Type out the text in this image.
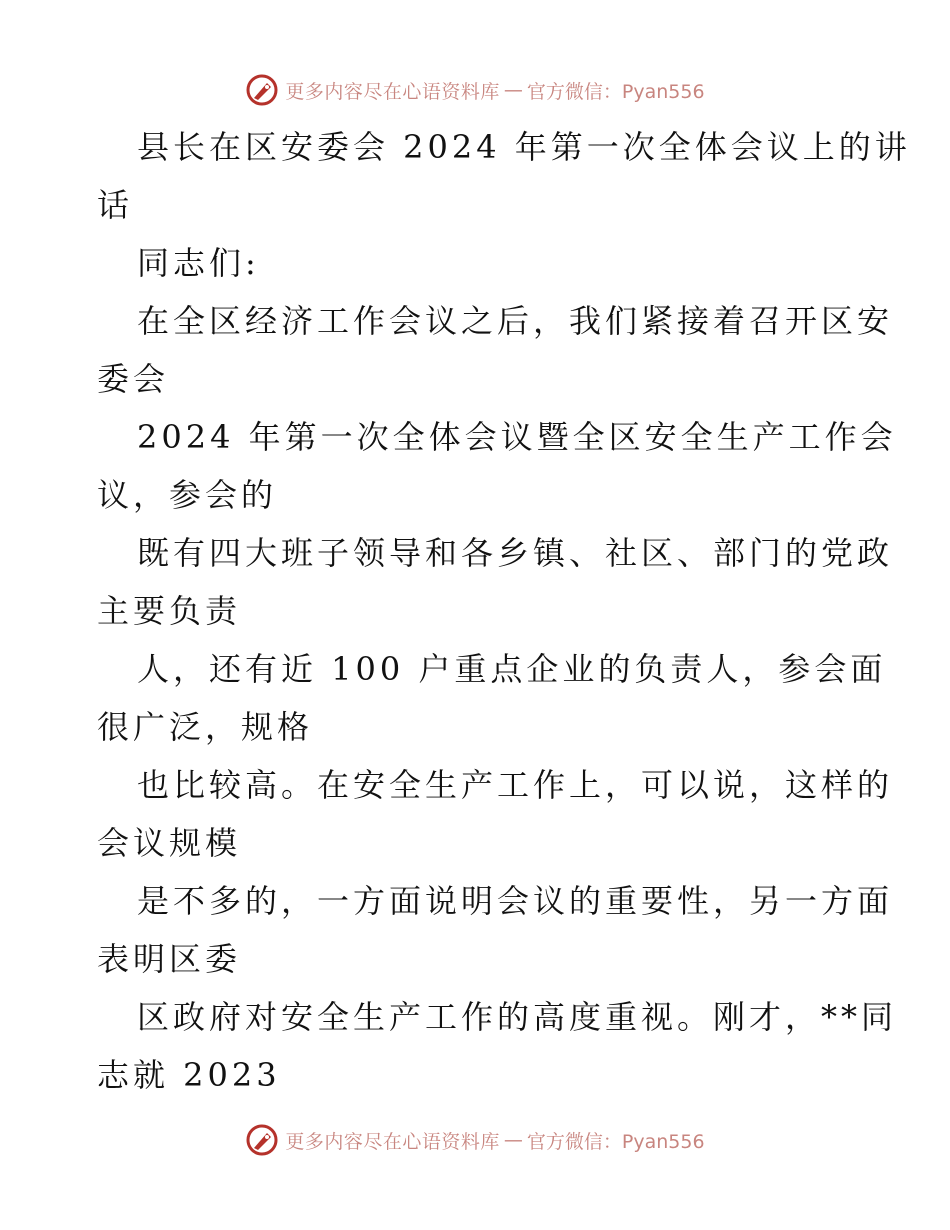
更多内容尽在心语资料库 — 官方微信：Pyan556
县长在区安委会 2024 年第一次全体会议上的讲
话
同志们:
在全区经济工作会议之后，我们紧接着召开区安
委会
2024 年第一次全体会议暨全区安全生产工作会
议，参会的
既有四大班子领导和各乡镇、社区、部门的党政
主要负责
人，还有近 100 户重点企业的负责人，参会面
很广泛，规格
也比较高。在安全生产工作上，可以说，这样的
会议规模
是不多的，一方面说明会议的重要性，另一方面
表明区委
区政府对安全生产工作的高度重视。刚才，**同
志就 2023
更多内容尽在心语资料库 — 官方微信：Pyan556
